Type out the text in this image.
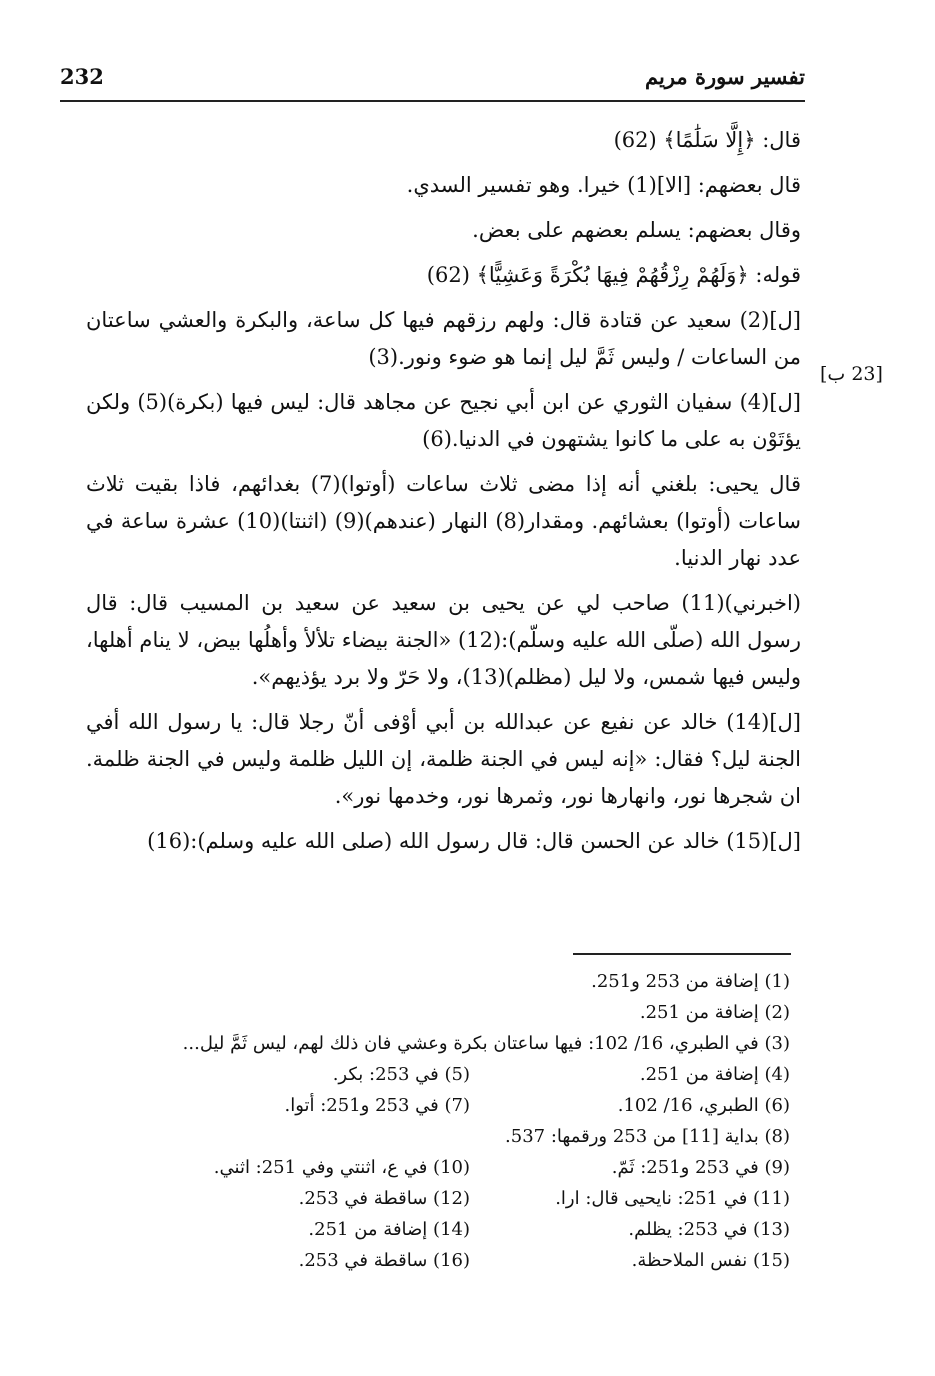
232	تفسير سورة مريم
[23 ب]

قال: ﴿إِلَّا سَلَٰمًا﴾ (62)

قال بعضهم: [الا](1) خيرا. وهو تفسير السدي.

وقال بعضهم: يسلم بعضهم على بعض.

قوله: ﴿وَلَهُمْ رِزْقُهُمْ فِيهَا بُكْرَةً وَعَشِيًّا﴾ (62)

[ل](2) سعيد عن قتادة قال: ولهم رزقهم فيها كل ساعة، والبكرة والعشي ساعتان من الساعات / وليس ثَمَّ ليل إنما هو ضوء ونور.(3)

[ل](4) سفيان الثوري عن ابن أبي نجيح عن مجاهد قال: ليس فيها (بكرة)(5) ولكن يؤتَوْن به على ما كانوا يشتهون في الدنيا.(6)

قال يحيى: بلغني أنه إذا مضى ثلاث ساعات (أوتوا)(7) بغدائهم، فاذا بقيت ثلاث ساعات (أوتوا) بعشائهم. ومقدار(8) النهار (عندهم)(9) (اثنتا)(10) عشرة ساعة في عدد نهار الدنيا.

(اخبرني)(11) صاحب لي عن يحيى بن سعيد عن سعيد بن المسيب قال: قال رسول الله (صلّى الله عليه وسلّم):(12) «الجنة بيضاء تلألأ وأهلُها بيض، لا ينام أهلها، وليس فيها شمس، ولا ليل (مظلم)(13)، ولا حَرّ ولا برد يؤذيهم».

[ل](14) خالد عن نفيع عن عبدالله بن أبي أوْفى أنّ رجلا قال: يا رسول الله أفي الجنة ليل؟ فقال: «إنه ليس في الجنة ظلمة، إن الليل ظلمة وليس في الجنة ظلمة. ان شجرها نور، وانهارها نور، وثمرها نور، وخدمها نور».

[ل](15) خالد عن الحسن قال: قال رسول الله (صلى الله عليه وسلم):(16)

(1) إضافة من 253 و251.
(2) إضافة من 251.
(3) في الطبري، 16/ 102: فيها ساعتان بكرة وعشي فان ذلك لهم، ليس ثَمَّ ليل...
(4) إضافة من 251.
(5) في 253: بكر.
(6) الطبري، 16/ 102.
(7) في 253 و251: أتوا.
(8) بداية [11] من 253 ورقمها: 537.
(9) في 253 و251: ثَمّ.
(10) في ع، اثنتي وفي 251: اثني.
(11) في 251: نايحيى قال: ارا.
(12) ساقطة في 253.
(13) في 253: يظلم.
(14) إضافة من 251.
(15) نفس الملاحظة.
(16) ساقطة في 253.
